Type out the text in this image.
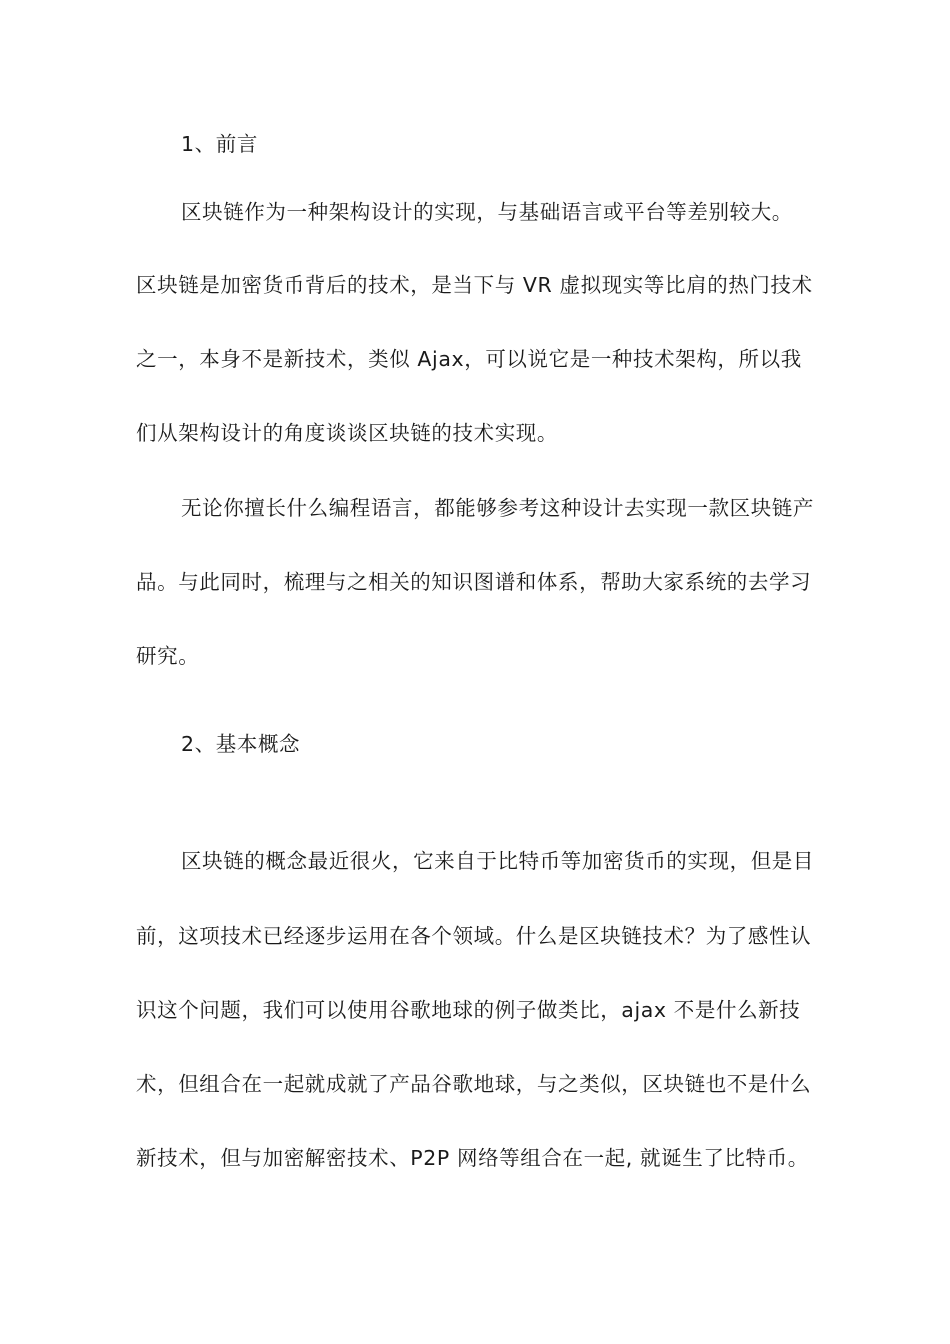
1、前言
区块链作为一种架构设计的实现，与基础语言或平台等差别较大。
区块链是加密货币背后的技术，是当下与 VR 虚拟现实等比肩的热门技术
之一，本身不是新技术，类似 Ajax，可以说它是一种技术架构，所以我
们从架构设计的角度谈谈区块链的技术实现。
无论你擅长什么编程语言，都能够参考这种设计去实现一款区块链产
品。与此同时，梳理与之相关的知识图谱和体系，帮助大家系统的去学习
研究。
2、基本概念
区块链的概念最近很火，它来自于比特币等加密货币的实现，但是目
前，这项技术已经逐步运用在各个领域。什么是区块链技术？为了感性认
识这个问题，我们可以使用谷歌地球的例子做类比，ajax 不是什么新技
术，但组合在一起就成就了产品谷歌地球，与之类似，区块链也不是什么
新技术，但与加密解密技术、P2P 网络等组合在一起, 就诞生了比特币。
